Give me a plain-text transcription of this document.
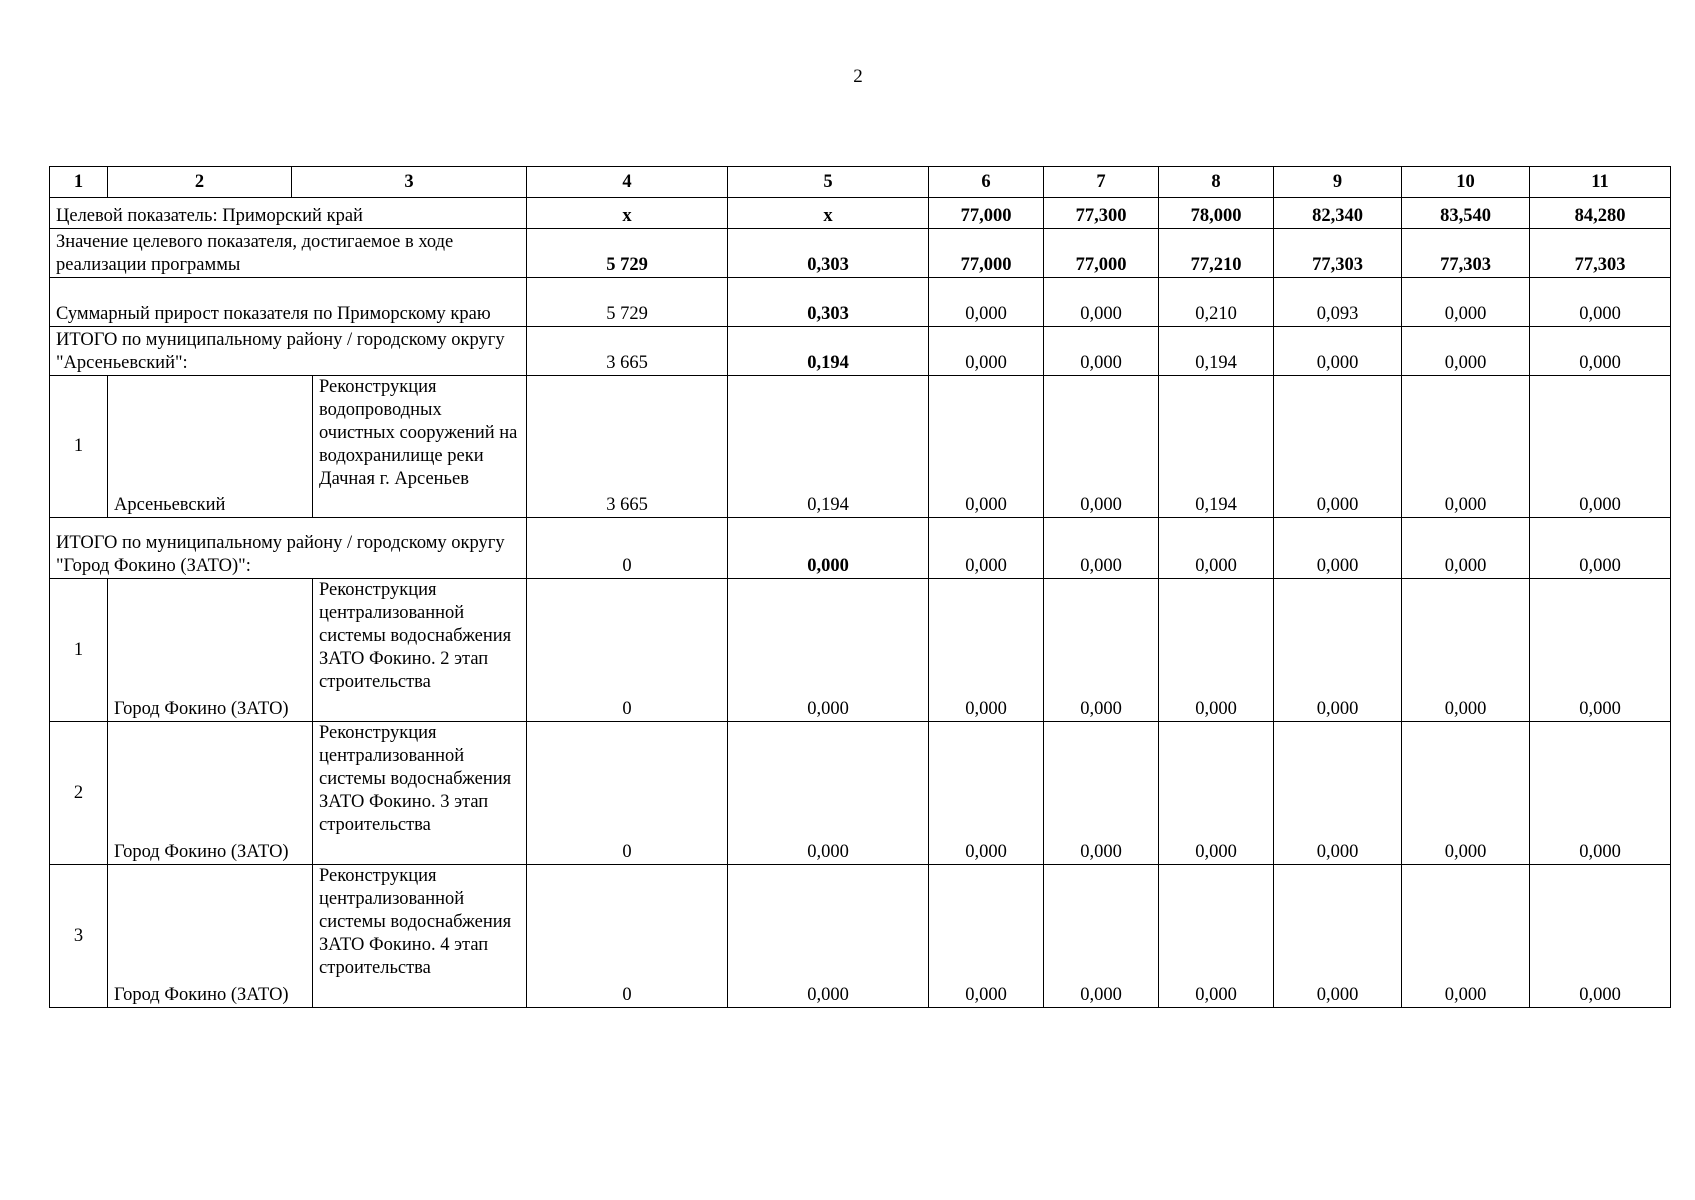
2
1	2	3		4	5	6	7	8	9	10	11
Целевой показатель: Приморский край				x	x	77,000	77,300	78,000	82,340	83,540	84,280
Значение целевого показателя, достигаемое в ходе реализации программы				5 729	0,303	77,000	77,000	77,210	77,303	77,303	77,303
Суммарный прирост показателя по Приморскому краю				5 729	0,303	0,000	0,000	0,210	0,093	0,000	0,000
ИТОГО по муниципальному району / городскому округу "Арсеньевский":				3 665	0,194	0,000	0,000	0,194	0,000	0,000	0,000
1	Арсеньевский		Реконструкция водопроводных очистных сооружений на водохранилище реки Дачная г. Арсеньев	3 665	0,194	0,000	0,000	0,194	0,000	0,000	0,000
ИТОГО по муниципальному району / городскому округу "Город Фокино (ЗАТО)":				0	0,000	0,000	0,000	0,000	0,000	0,000	0,000
1	Город Фокино (ЗАТО)		Реконструкция централизованной системы водоснабжения ЗАТО Фокино. 2 этап строительства	0	0,000	0,000	0,000	0,000	0,000	0,000	0,000
2	Город Фокино (ЗАТО)		Реконструкция централизованной системы водоснабжения ЗАТО Фокино. 3 этап строительства	0	0,000	0,000	0,000	0,000	0,000	0,000	0,000
3	Город Фокино (ЗАТО)		Реконструкция централизованной системы водоснабжения ЗАТО Фокино. 4 этап строительства	0	0,000	0,000	0,000	0,000	0,000	0,000	0,000
